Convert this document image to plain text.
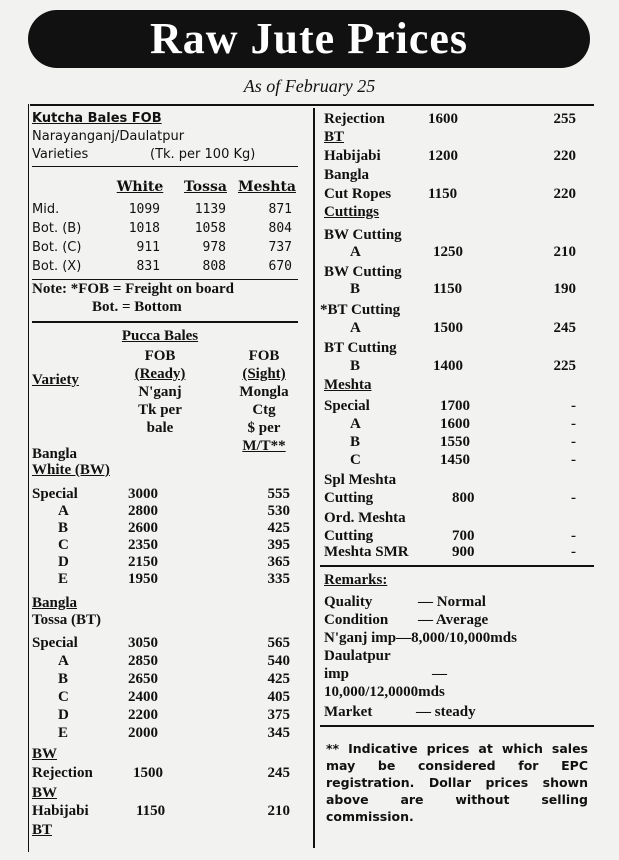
Raw Jute Prices
As of February 25
Kutcha Bales FOB
Narayanganj/Daulatpur
Varieties	(Tk. per 100 Kg)
White	Tossa Meshta
Mid.	1099	1139	871
Bot. (B)	1018	1058	804
Bot. (C)	911	978	737
Bot. (X)	831	808	670
Note: *FOB = Freight on board
Bot. = Bottom
Pucca Bales
FOB
(Ready)
N'ganj
Tk per
bale
FOB
(Sight)
Mongla
Ctg
$ per
M/T**
Variety
Bangla
White (BW)
Special	3000	555
A	2800	530
B	2600	425
C	2350	395
D	2150	365
E	1950	335
Bangla
Tossa (BT)
Special	3050	565
A	2850	540
B	2650	425
C	2400	405
D	2200	375
E	2000	345
BW
Rejection	1500	245
BW
Habijabi	1150	210
BT
Rejection	1600	255
BT
Habijabi	1200	220
Bangla
Cut Ropes 1150	220
Cuttings
BW Cutting
A	1250	210
BW Cutting
B	1150	190
*BT Cutting
A	1500	245
BT Cutting
B	1400	225
Meshta
Special	1700	-
A	1600	-
B	1550	-
C	1450	-
Spl Meshta
Cutting	800	-
Ord. Meshta
Cutting	700	-
Meshta SMR	900	-
Remarks:
Quality	— Normal
Condition — Average
N'ganj imp—8,000/10,000mds
Daulatpur
imp	—
10,000/12,0000mds
Market	— steady
** Indicative prices at which sales may be considered for EPC registration. Dollar prices shown above are without selling commission.
